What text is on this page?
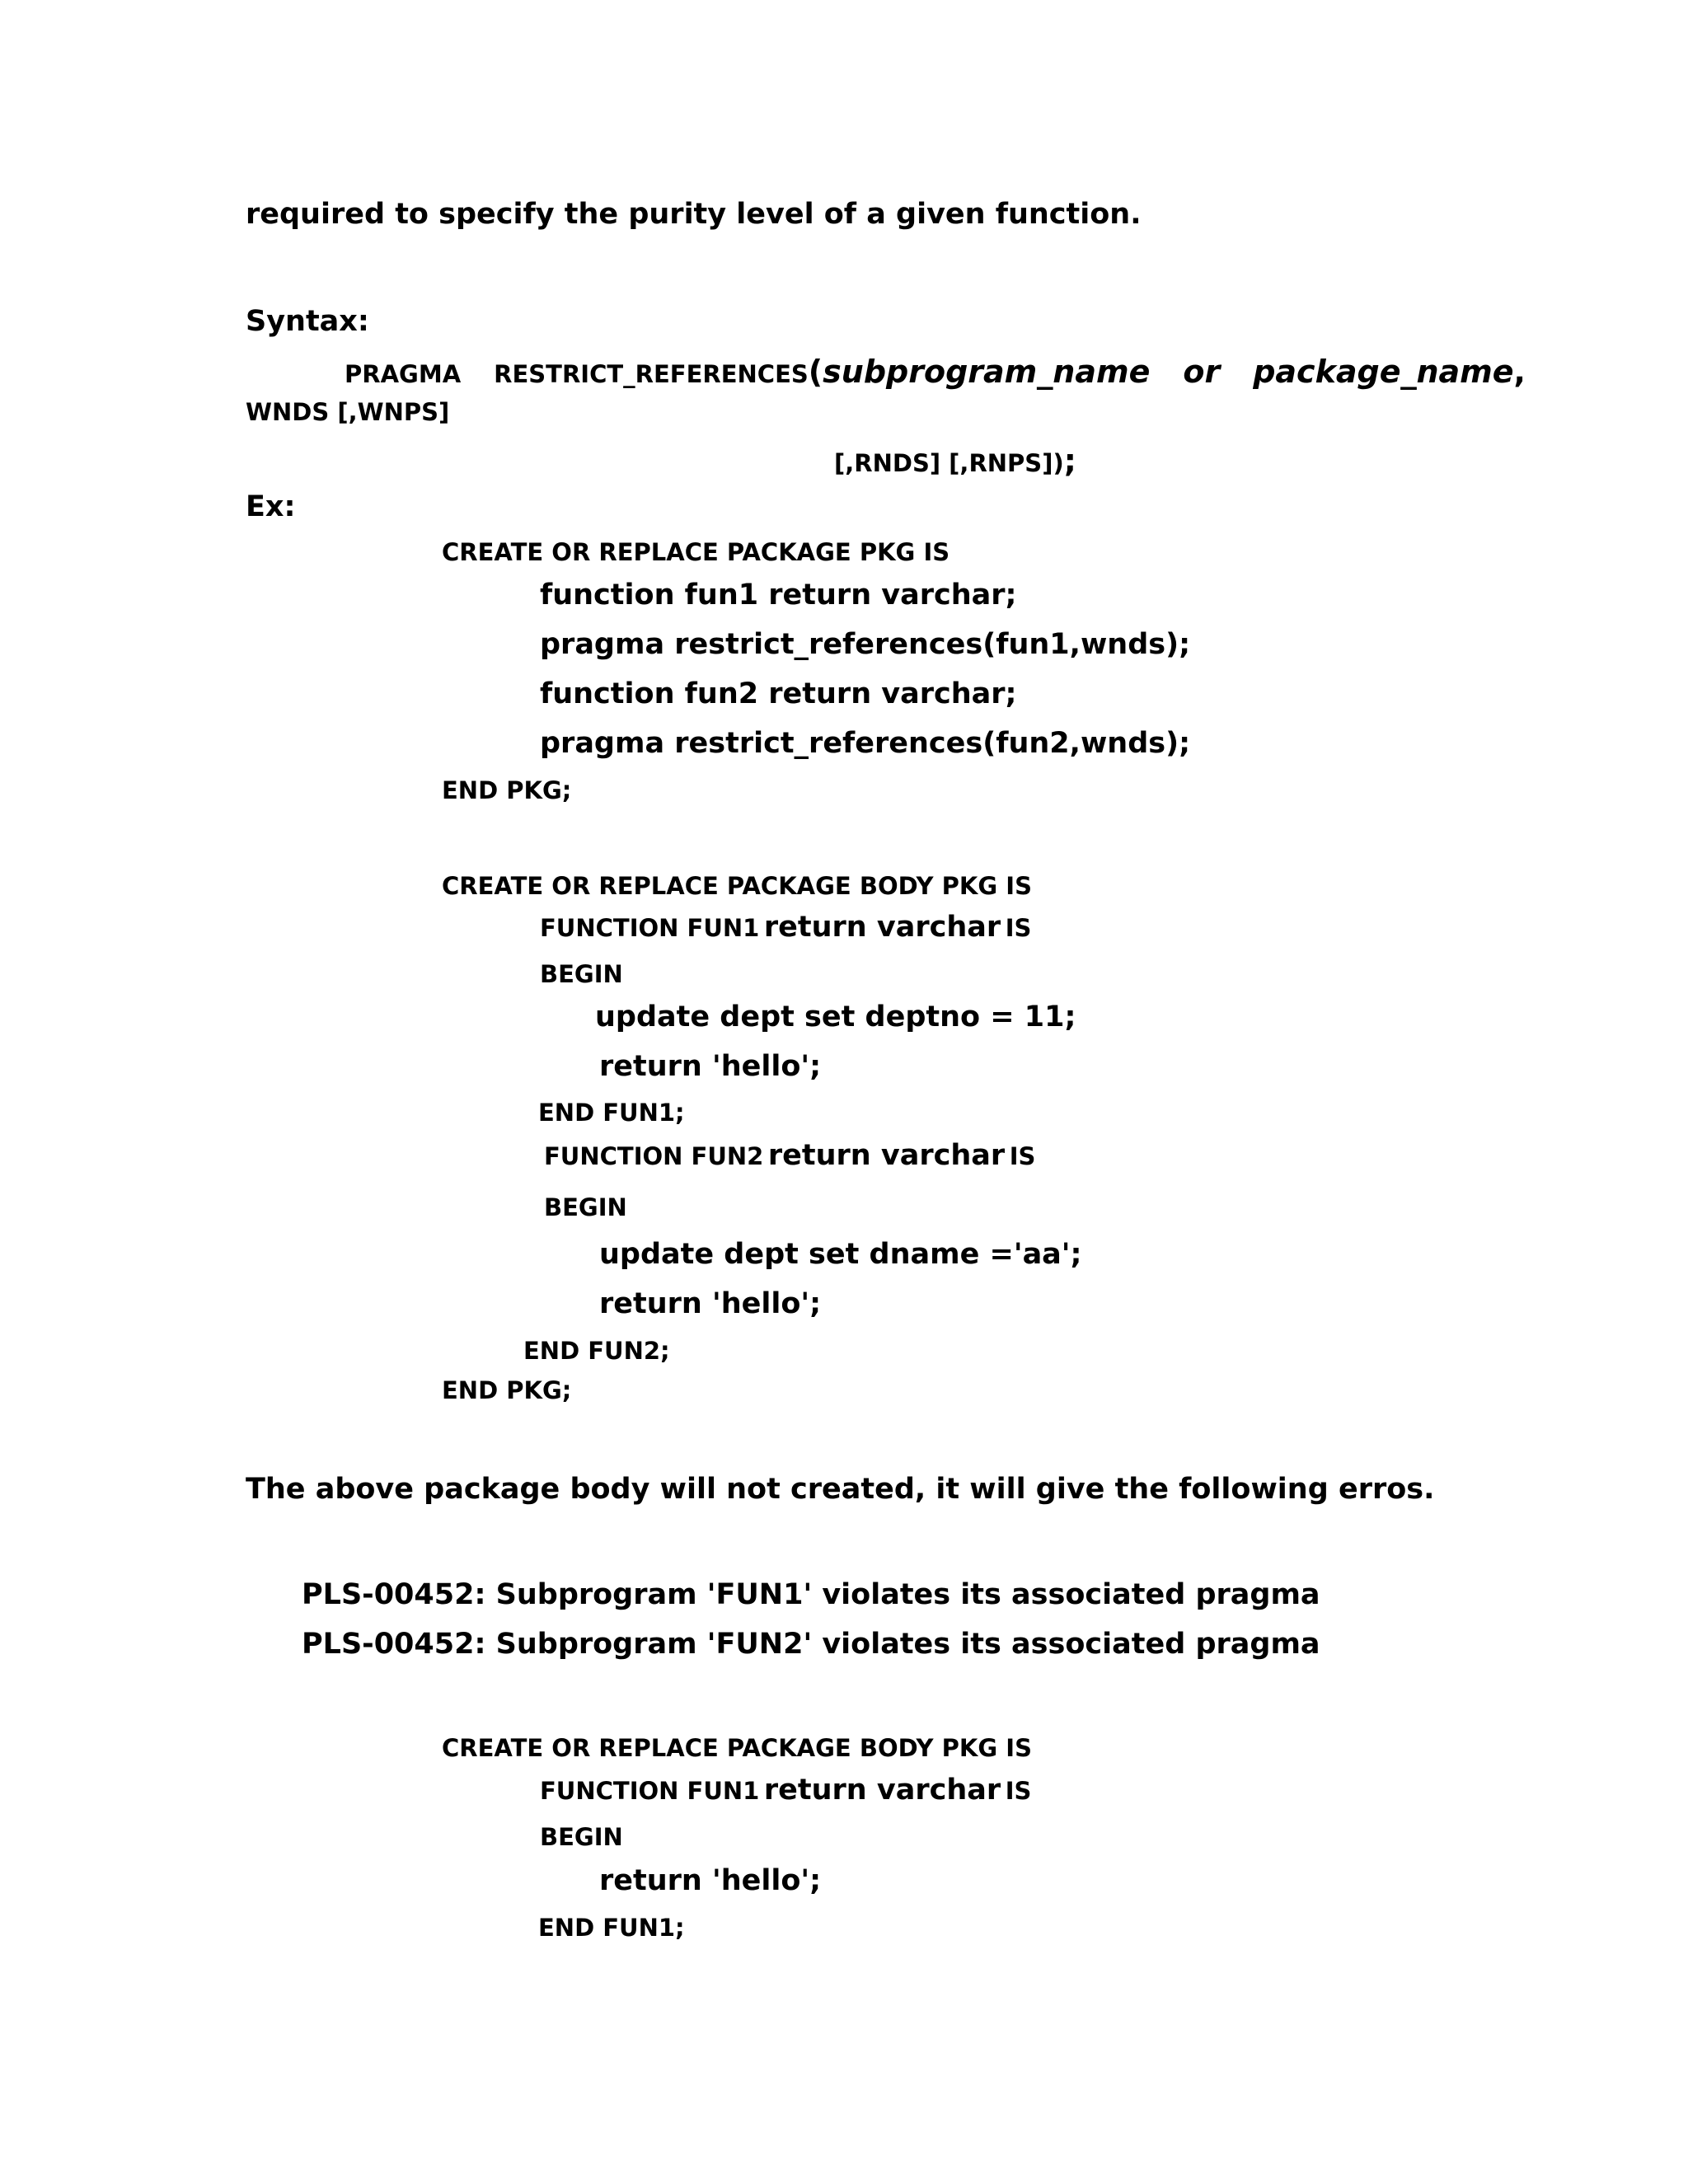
required to specify the purity level of a given function.
Syntax:
PRAGMA RESTRICT_REFERENCES(subprogram_name or package_name,
WNDS [,WNPS]
[,RNDS] [,RNPS]);
Ex:
CREATE OR REPLACE PACKAGE PKG IS
function fun1 return varchar;
pragma restrict_references(fun1,wnds);
function fun2 return varchar;
pragma restrict_references(fun2,wnds);
END PKG;
CREATE OR REPLACE PACKAGE BODY PKG IS
FUNCTION FUN1 return varchar IS
BEGIN
update dept set deptno = 11;
return 'hello';
END FUN1;
FUNCTION FUN2 return varchar IS
BEGIN
update dept set dname ='aa';
return 'hello';
END FUN2;
END PKG;
The above package body will not created, it will give the following erros.
PLS-00452: Subprogram 'FUN1' violates its associated pragma
PLS-00452: Subprogram 'FUN2' violates its associated pragma
CREATE OR REPLACE PACKAGE BODY PKG IS
FUNCTION FUN1 return varchar IS
BEGIN
return 'hello';
END FUN1;
